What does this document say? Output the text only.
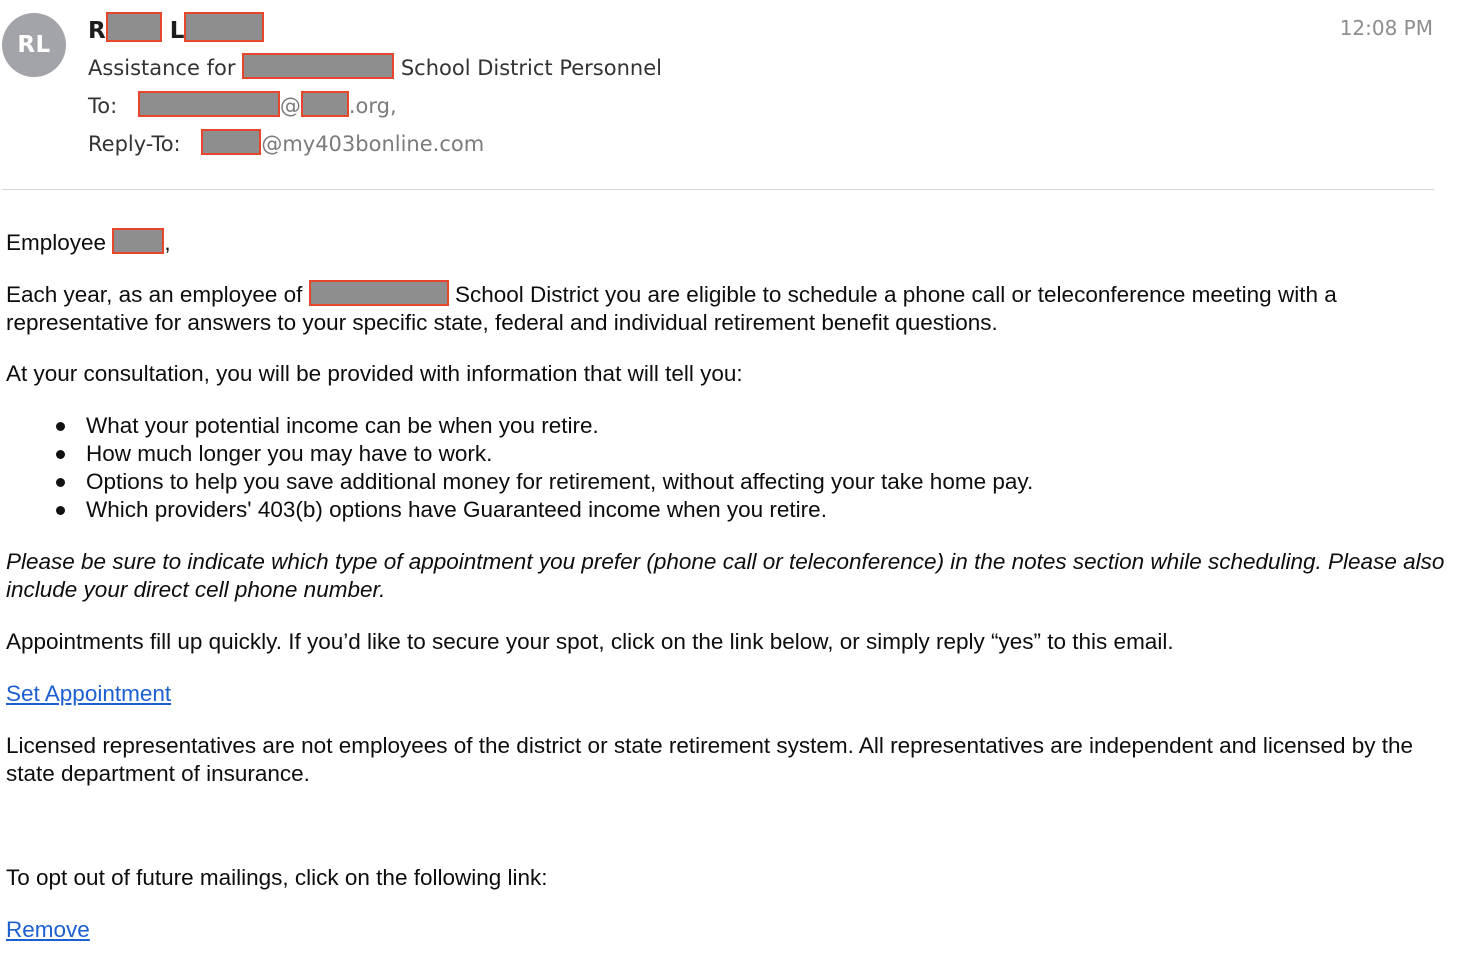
RL
R	L
Assistance for	School District Personnel
To:	@ .org,
Reply-To:	@my403bonline.com
12:08 PM

Employee	,

Each year, as an employee of	School District you are eligible to schedule a phone call or teleconference meeting with a representative for answers to your specific state, federal and individual retirement benefit questions.

At your consultation, you will be provided with information that will tell you:

What your potential income can be when you retire.
How much longer you may have to work.
Options to help you save additional money for retirement, without affecting your take home pay.
Which providers' 403(b) options have Guaranteed income when you retire.

Please be sure to indicate which type of appointment you prefer (phone call or teleconference) in the notes section while scheduling. Please also include your direct cell phone number.

Appointments fill up quickly. If you’d like to secure your spot, click on the link below, or simply reply “yes” to this email.

Set Appointment

Licensed representatives are not employees of the district or state retirement system. All representatives are independent and licensed by the state department of insurance.

To opt out of future mailings, click on the following link:

Remove
